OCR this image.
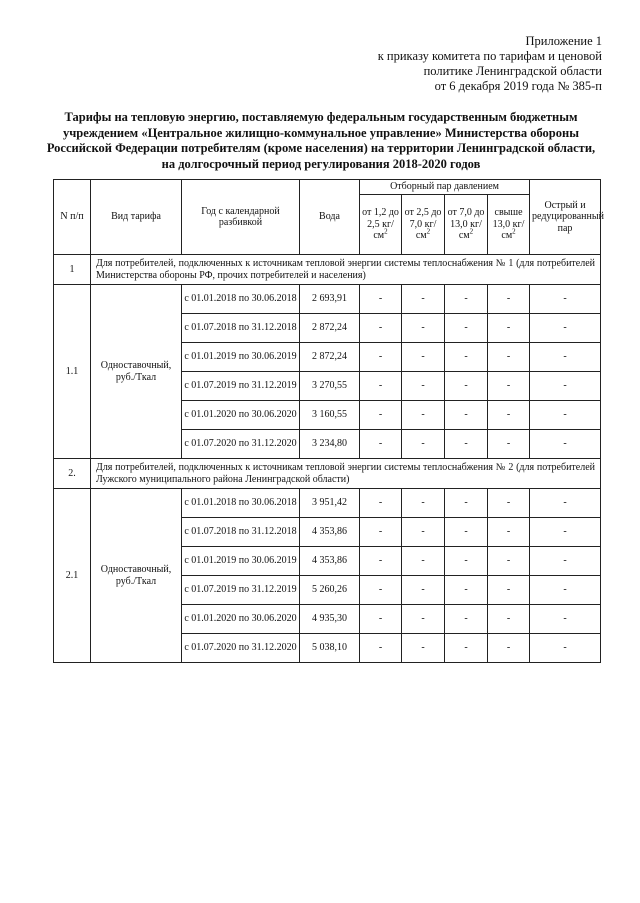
Приложение 1
к приказу комитета по тарифам и ценовой
политике Ленинградской области
от 6 декабря 2019 года № 385-п
Тарифы на тепловую энергию, поставляемую федеральным государственным бюджетным учреждением «Центральное жилищно-коммунальное управление» Министерства обороны Российской Федерации потребителям (кроме населения) на территории Ленинградской области, на долгосрочный период регулирования 2018-2020 годов
N п/п	Вид тарифа	Год с календарной разбивкой	Вода	Отборный пар давлением				Острый и редуцированный пар
				от 1,2 до 2,5 $кг/см^2$	от 2,5 до 7,0 $кг/см^2$	от 7,0 до 13,0 $кг/см^2$	свыше 13,0 $кг/см^2$
1	Для потребителей, подключенных к источникам тепловой энергии системы теплоснабжения № 1 (для потребителей Министерства обороны РФ, прочих потребителей и населения)							
1.1	Одноставочный, руб./Ткал	с 01.01.2018 по 30.06.2018	2 693,91	-	-	-	-	-
		с 01.07.2018 по 31.12.2018	2 872,24	-	-	-	-	-
		с 01.01.2019 по 30.06.2019	2 872,24	-	-	-	-	-
		с 01.07.2019 по 31.12.2019	3 270,55	-	-	-	-	-
		с 01.01.2020 по 30.06.2020	3 160,55	-	-	-	-	-
		с 01.07.2020 по 31.12.2020	3 234,80	-	-	-	-	-
2.	Для потребителей, подключенных к источникам тепловой энергии системы теплоснабжения № 2 (для потребителей Лужского муниципального района Ленинградской области)							
2.1	Одноставочный, руб./Ткал	с 01.01.2018 по 30.06.2018	3 951,42	-	-	-	-	-
		с 01.07.2018 по 31.12.2018	4 353,86	-	-	-	-	-
		с 01.01.2019 по 30.06.2019	4 353,86	-	-	-	-	-
		с 01.07.2019 по 31.12.2019	5 260,26	-	-	-	-	-
		с 01.01.2020 по 30.06.2020	4 935,30	-	-	-	-	-
		с 01.07.2020 по 31.12.2020	5 038,10	-	-	-	-	-
